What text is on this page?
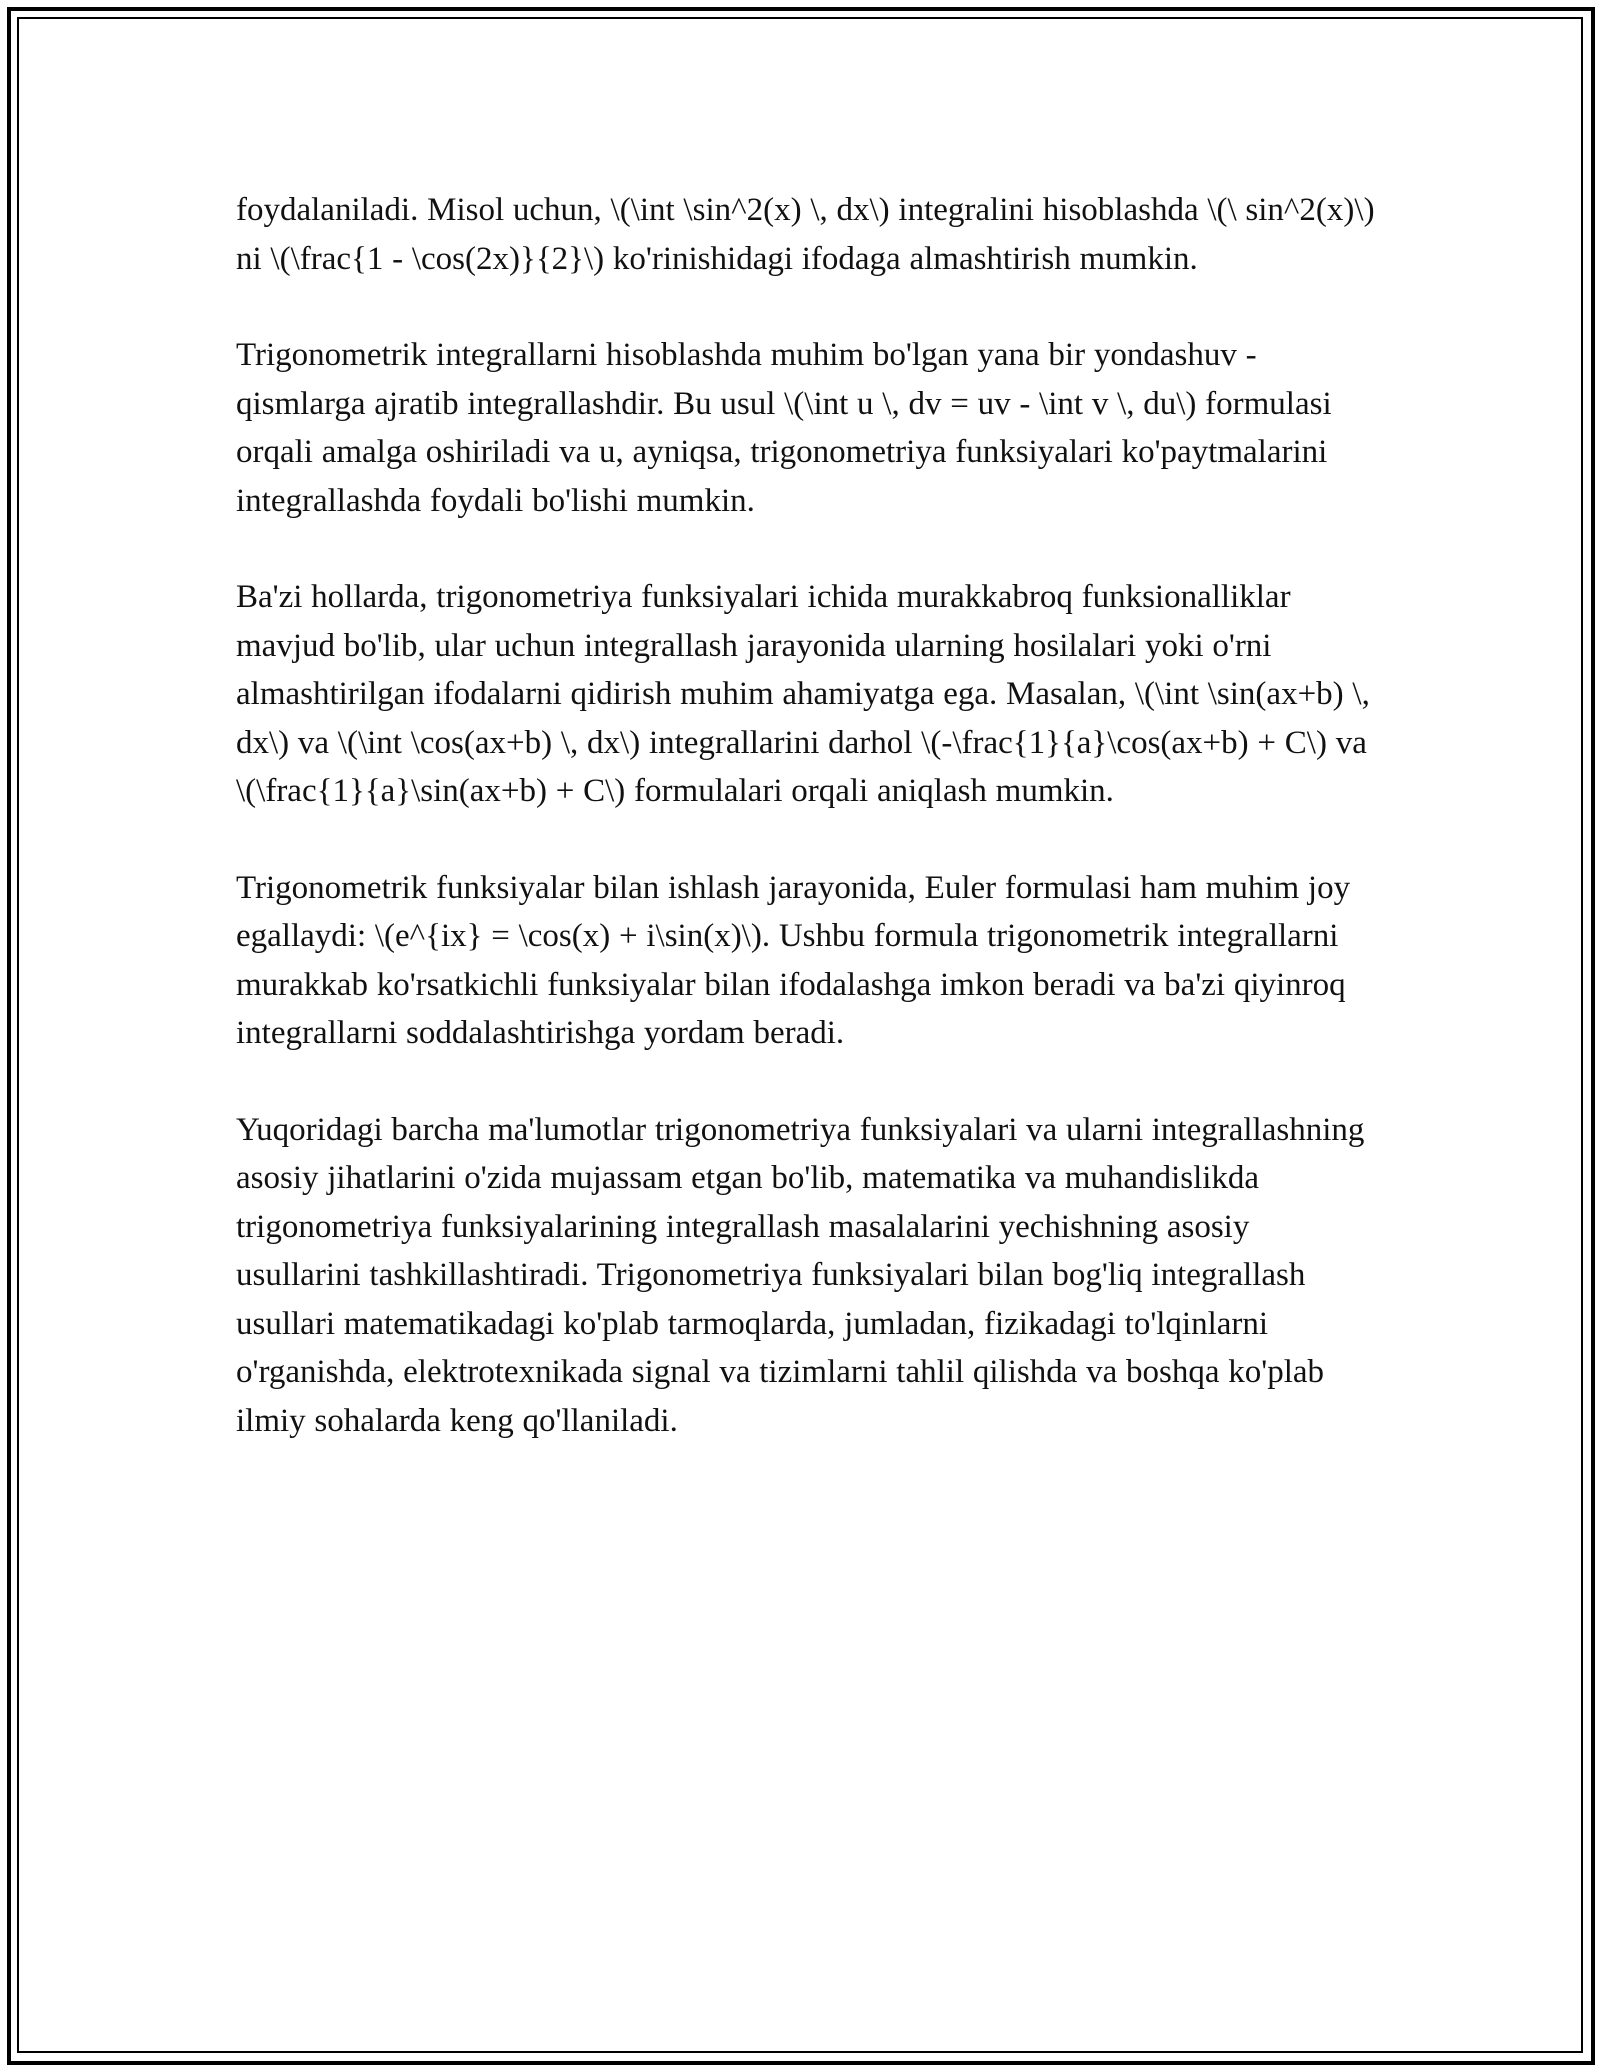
foydalaniladi. Misol uchun, \(\int \sin^2(x) \, dx\) integralini hisoblashda \(\ sin^2(x)\) ni \(\frac{1 - \cos(2x)}{2}\) ko'rinishidagi ifodaga almashtirish mumkin.

Trigonometrik integrallarni hisoblashda muhim bo'lgan yana bir yondashuv - qismlarga ajratib integrallashdir. Bu usul \(\int u \, dv = uv - \int v \, du\) formulasi orqali amalga oshiriladi va u, ayniqsa, trigonometriya funksiyalari ko'paytmalarini integrallashda foydali bo'lishi mumkin.

Ba'zi hollarda, trigonometriya funksiyalari ichida murakkabroq funksionalliklar mavjud bo'lib, ular uchun integrallash jarayonida ularning hosilalari yoki o'rni almashtirilgan ifodalarni qidirish muhim ahamiyatga ega. Masalan, \(\int \sin(ax+b) \, dx\) va \(\int \cos(ax+b) \, dx\) integrallarini darhol \(-\frac{1}{a}\cos(ax+b) + C\) va \(\frac{1}{a}\sin(ax+b) + C\) formulalari orqali aniqlash mumkin.

Trigonometrik funksiyalar bilan ishlash jarayonida, Euler formulasi ham muhim joy egallaydi: \(e^{ix} = \cos(x) + i\sin(x)\). Ushbu formula trigonometrik integrallarni murakkab ko'rsatkichli funksiyalar bilan ifodalashga imkon beradi va ba'zi qiyinroq integrallarni soddalashtirishga yordam beradi.

Yuqoridagi barcha ma'lumotlar trigonometriya funksiyalari va ularni integrallashning asosiy jihatlarini o'zida mujassam etgan bo'lib, matematika va muhandislikda trigonometriya funksiyalarining integrallash masalalarini yechishning asosiy usullarini tashkillashtiradi. Trigonometriya funksiyalari bilan bog'liq integrallash usullari matematikadagi ko'plab tarmoqlarda, jumladan, fizikadagi to'lqinlarni o'rganishda, elektrotexnikada signal va tizimlarni tahlil qilishda va boshqa ko'plab ilmiy sohalarda keng qo'llaniladi.
